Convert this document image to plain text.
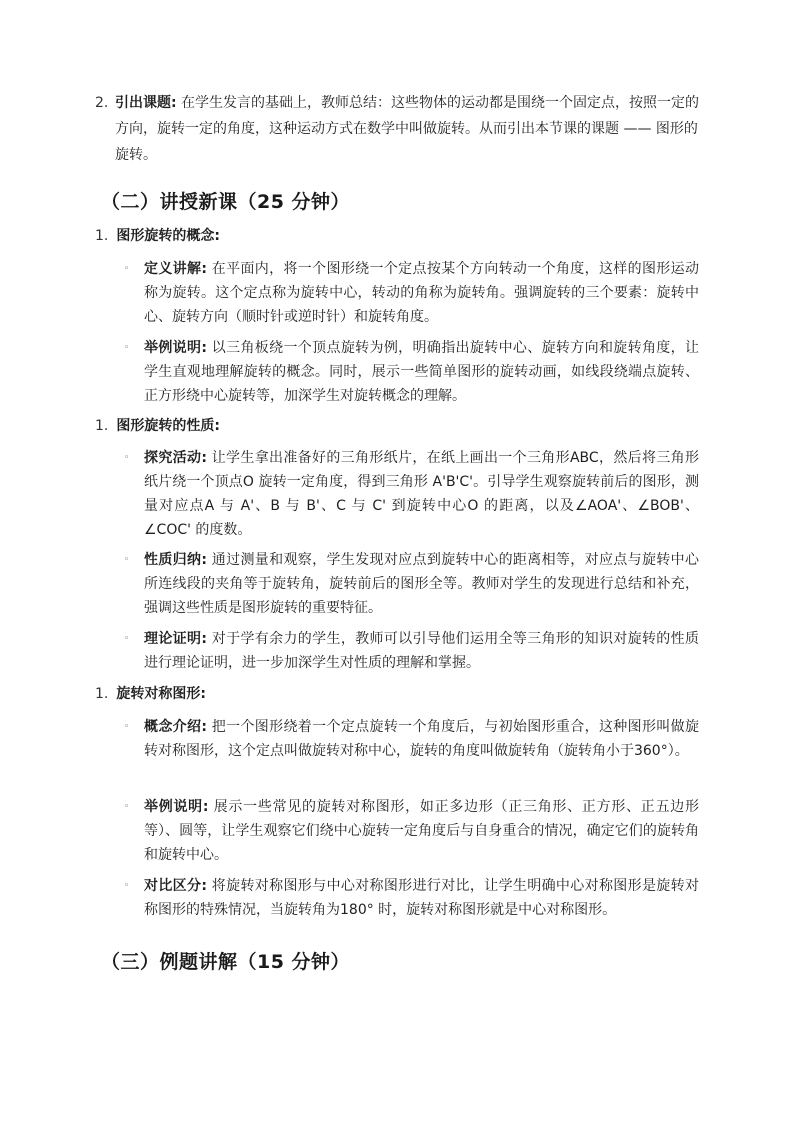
2. 引出课题: 在学生发言的基础上，教师总结：这些物体的运动都是围绕一个固定点，按照一定的方向，旋转一定的角度，这种运动方式在数学中叫做旋转。从而引出本节课的课题 —— 图形的旋转。
（二）讲授新课（25 分钟）
1. 图形旋转的概念:
◦ 定义讲解: 在平面内，将一个图形绕一个定点按某个方向转动一个角度，这样的图形运动称为旋转。这个定点称为旋转中心，转动的角称为旋转角。强调旋转的三个要素：旋转中心、旋转方向（顺时针或逆时针）和旋转角度。
◦ 举例说明: 以三角板绕一个顶点旋转为例，明确指出旋转中心、旋转方向和旋转角度，让学生直观地理解旋转的概念。同时，展示一些简单图形的旋转动画，如线段绕端点旋转、正方形绕中心旋转等，加深学生对旋转概念的理解。
1. 图形旋转的性质:
◦ 探究活动: 让学生拿出准备好的三角形纸片，在纸上画出一个三角形ABC，然后将三角形纸片绕一个顶点O 旋转一定角度，得到三角形 A'B'C'。引导学生观察旋转前后的图形，测量对应点A 与 A'、B 与 B'、C 与 C' 到旋转中心O 的距离，以及∠AOA'、∠BOB'、∠COC' 的度数。
◦ 性质归纳: 通过测量和观察，学生发现对应点到旋转中心的距离相等，对应点与旋转中心所连线段的夹角等于旋转角，旋转前后的图形全等。教师对学生的发现进行总结和补充，强调这些性质是图形旋转的重要特征。
◦ 理论证明: 对于学有余力的学生，教师可以引导他们运用全等三角形的知识对旋转的性质进行理论证明，进一步加深学生对性质的理解和掌握。
1. 旋转对称图形:
◦ 概念介绍: 把一个图形绕着一个定点旋转一个角度后，与初始图形重合，这种图形叫做旋转对称图形，这个定点叫做旋转对称中心，旋转的角度叫做旋转角（旋转角小于360°）。
◦ 举例说明: 展示一些常见的旋转对称图形，如正多边形（正三角形、正方形、正五边形等）、圆等，让学生观察它们绕中心旋转一定角度后与自身重合的情况，确定它们的旋转角和旋转中心。
◦ 对比区分: 将旋转对称图形与中心对称图形进行对比，让学生明确中心对称图形是旋转对称图形的特殊情况，当旋转角为180° 时，旋转对称图形就是中心对称图形。
（三）例题讲解（15 分钟）
